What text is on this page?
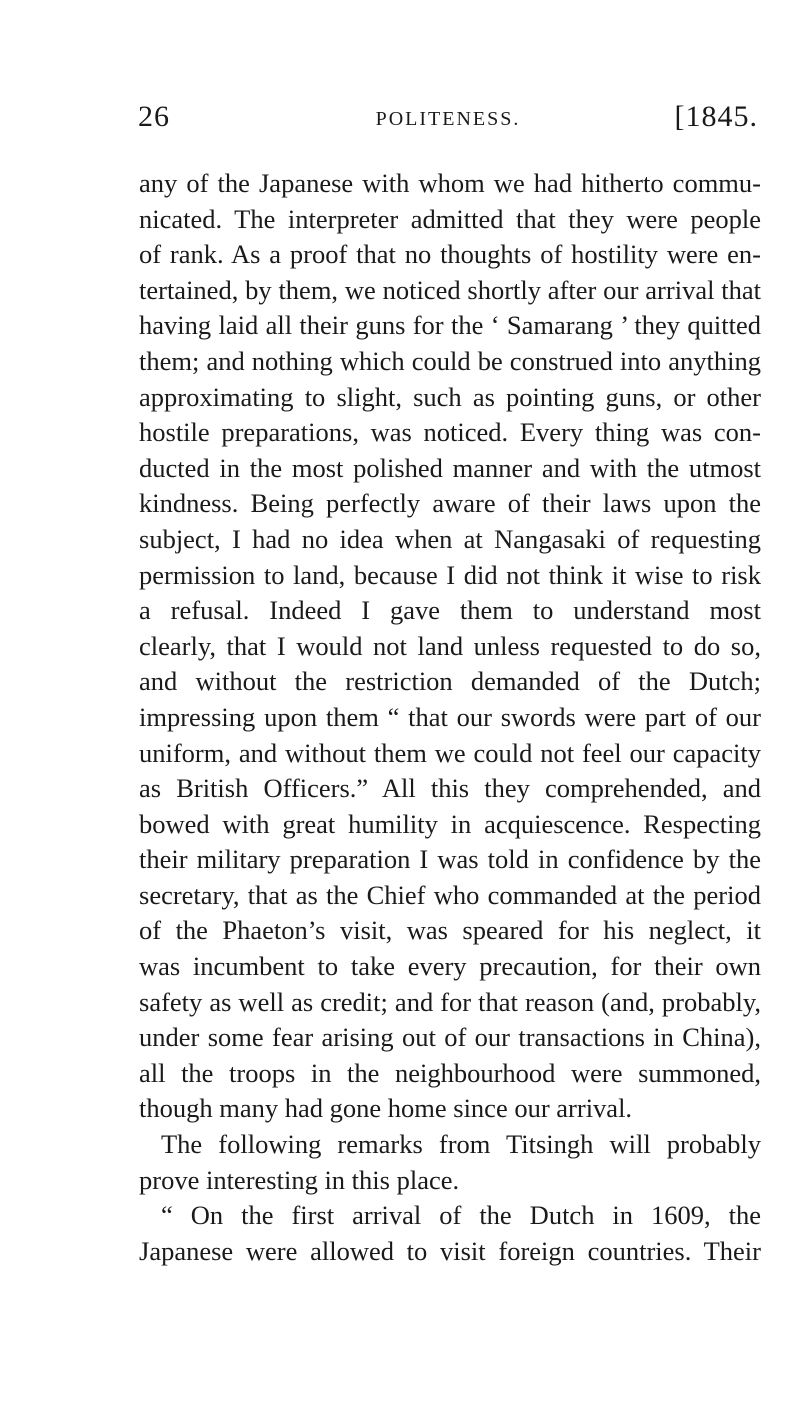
26	POLITENESS.	[1845.
any of the Japanese with whom we had hitherto commu-
nicated. The interpreter admitted that they were people
of rank. As a proof that no thoughts of hostility were en-
tertained, by them, we noticed shortly after our arrival that
having laid all their guns for the ‘ Samarang ’ they quitted
them; and nothing which could be construed into anything
approximating to slight, such as pointing guns, or other
hostile preparations, was noticed. Every thing was con-
ducted in the most polished manner and with the utmost
kindness. Being perfectly aware of their laws upon the
subject, I had no idea when at Nangasaki of requesting
permission to land, because I did not think it wise to risk
a refusal. Indeed I gave them to understand most
clearly, that I would not land unless requested to do so,
and without the restriction demanded of the Dutch;
impressing upon them “ that our swords were part of our
uniform, and without them we could not feel our capacity
as British Officers.” All this they comprehended, and
bowed with great humility in acquiescence. Respecting
their military preparation I was told in confidence by the
secretary, that as the Chief who commanded at the period
of the Phaeton’s visit, was speared for his neglect, it
was incumbent to take every precaution, for their own
safety as well as credit; and for that reason (and, probably,
under some fear arising out of our transactions in China),
all the troops in the neighbourhood were summoned,
though many had gone home since our arrival.
The following remarks from Titsingh will probably
prove interesting in this place.
“ On the first arrival of the Dutch in 1609, the
Japanese were allowed to visit foreign countries. Their
